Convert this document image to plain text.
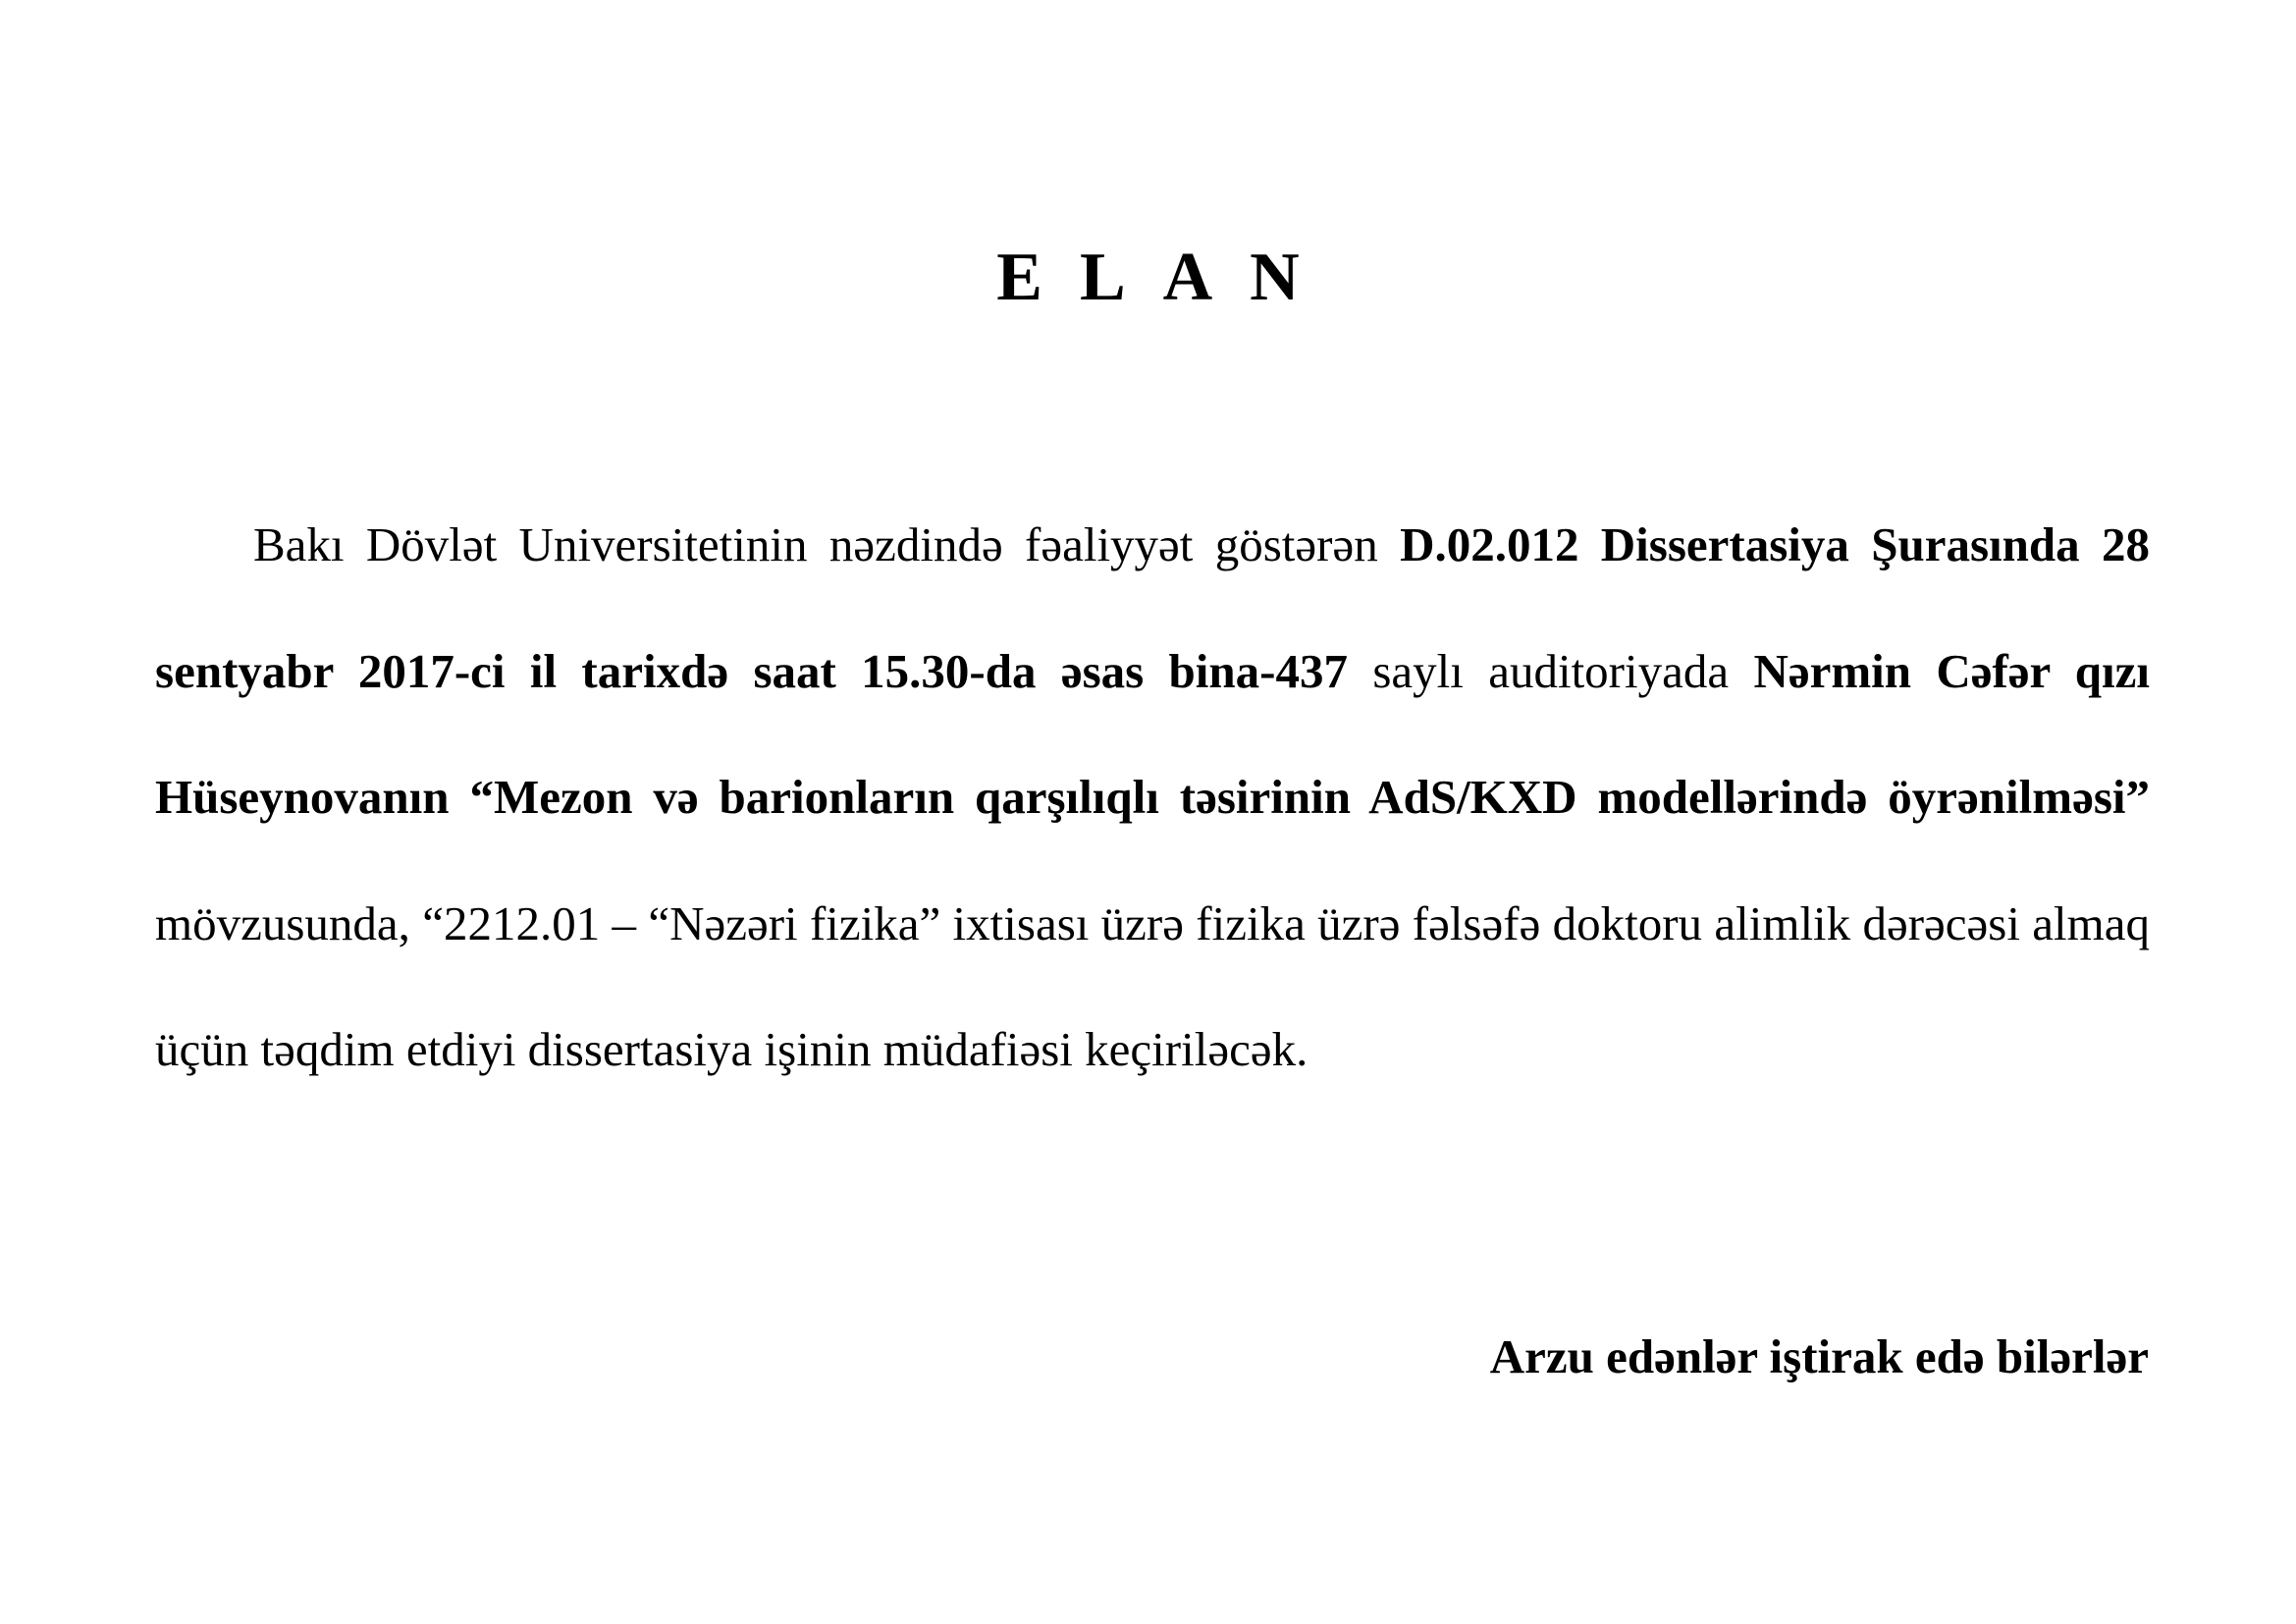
ELAN

Bakı Dövlət Universitetinin nəzdində fəaliyyət göstərən D.02.012 Dissertasiya Şurasında 28 sentyabr 2017-ci il tarixdə saat 15.30-da əsas bina-437 saylı auditoriyada Nərmin Cəfər qızı Hüseynovanın “Mezon və barionların qarşılıqlı təsirinin AdS/KXD modellərində öyrənilməsi” mövzusunda, “2212.01 – “Nəzəri fizika” ixtisası üzrə fizika üzrə fəlsəfə doktoru alimlik dərəcəsi almaq üçün təqdim etdiyi dissertasiya işinin müdafiəsi keçiriləcək.

Arzu edənlər iştirak edə bilərlər
